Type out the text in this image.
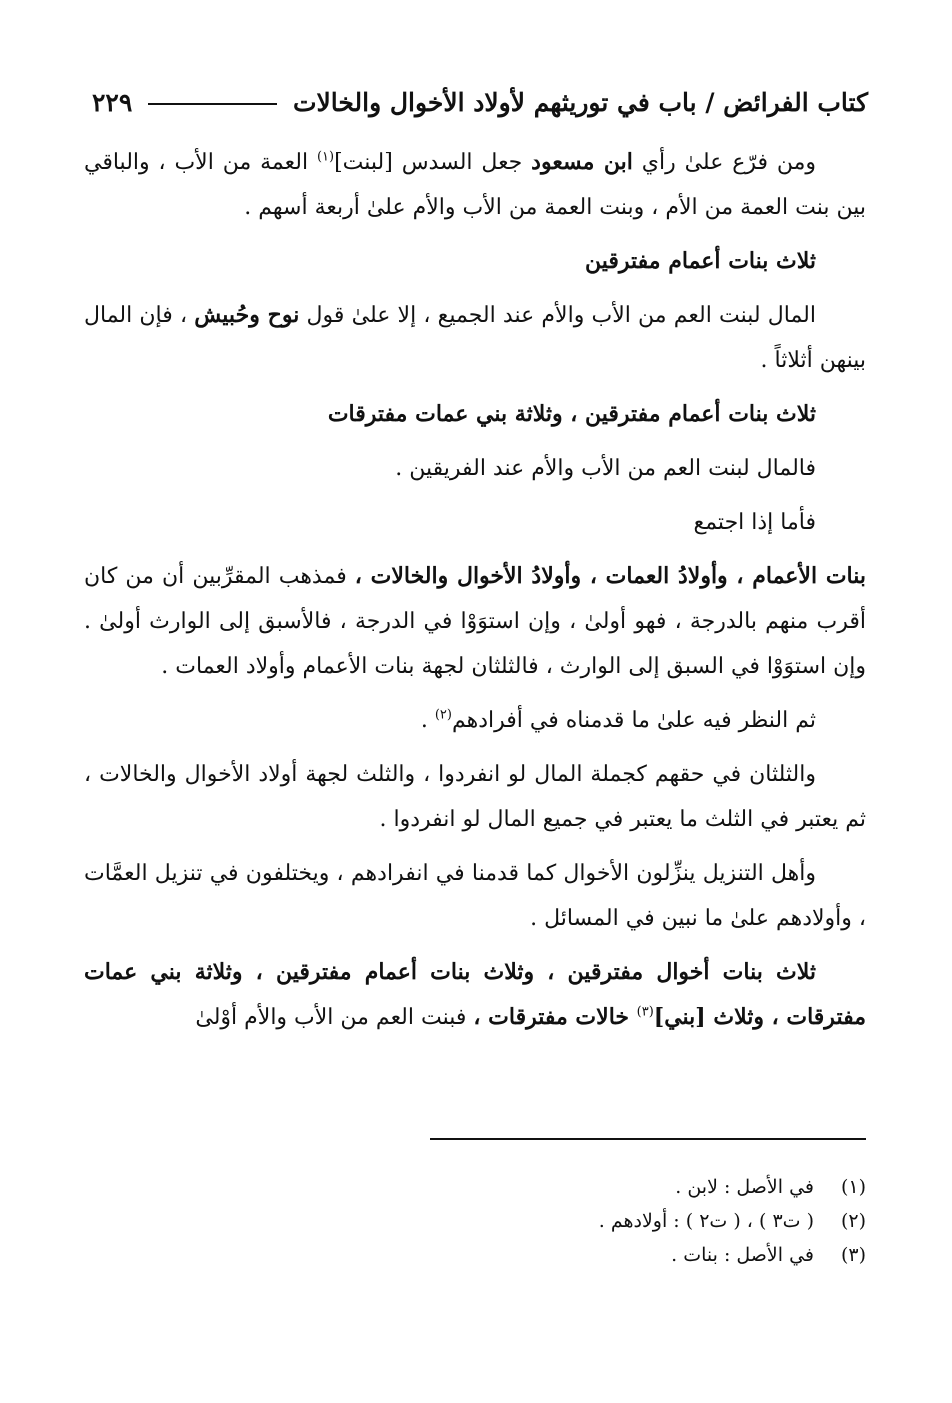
كتاب الفرائض / باب في توريثهم لأولاد الأخوال والخالات
٢٢٩

ومن فرّع علىٰ رأي ابن مسعود جعل السدس [لبنت]$^{(١)}$ العمة من الأب ، والباقي بين بنت العمة من الأم ، وبنت العمة من الأب والأم علىٰ أربعة أسهم .

ثلاث بنات أعمام مفترقين

المال لبنت العم من الأب والأم عند الجميع ، إلا علىٰ قول نوح وحُبيش ، فإن المال بينهن أثلاثاً .

ثلاث بنات أعمام مفترقين ، وثلاثة بني عمات مفترقات

فالمال لبنت العم من الأب والأم عند الفريقين .

فأما إذا اجتمع

بنات الأعمام ، وأولادُ العمات ، وأولادُ الأخوال والخالات ، فمذهب المقرِّبين أن من كان أقرب منهم بالدرجة ، فهو أولىٰ ، وإن استوَوْا في الدرجة ، فالأسبق إلى الوارث أولىٰ . وإن استوَوْا في السبق إلى الوارث ، فالثلثان لجهة بنات الأعمام وأولاد العمات .

ثم النظر فيه علىٰ ما قدمناه في أفرادهم$^{(٢)}$ .

والثلثان في حقهم كجملة المال لو انفردوا ، والثلث لجهة أولاد الأخوال والخالات ، ثم يعتبر في الثلث ما يعتبر في جميع المال لو انفردوا .

وأهل التنزيل ينزِّلون الأخوال كما قدمنا في انفرادهم ، ويختلفون في تنزيل العمَّات ، وأولادهم علىٰ ما نبين في المسائل .

ثلاث بنات أخوال مفترقين ، وثلاث بنات أعمام مفترقين ، وثلاثة بني عمات مفترقات ، وثلاث [بني]$^{(٣)}$ خالات مفترقات ، فبنت العم من الأب والأم أوْلىٰ

(١)
في الأصل : لابن .
(٢)
( ت٣ ) ، ( ت٢ ) : أولادهم .
(٣)
في الأصل : بنات .
